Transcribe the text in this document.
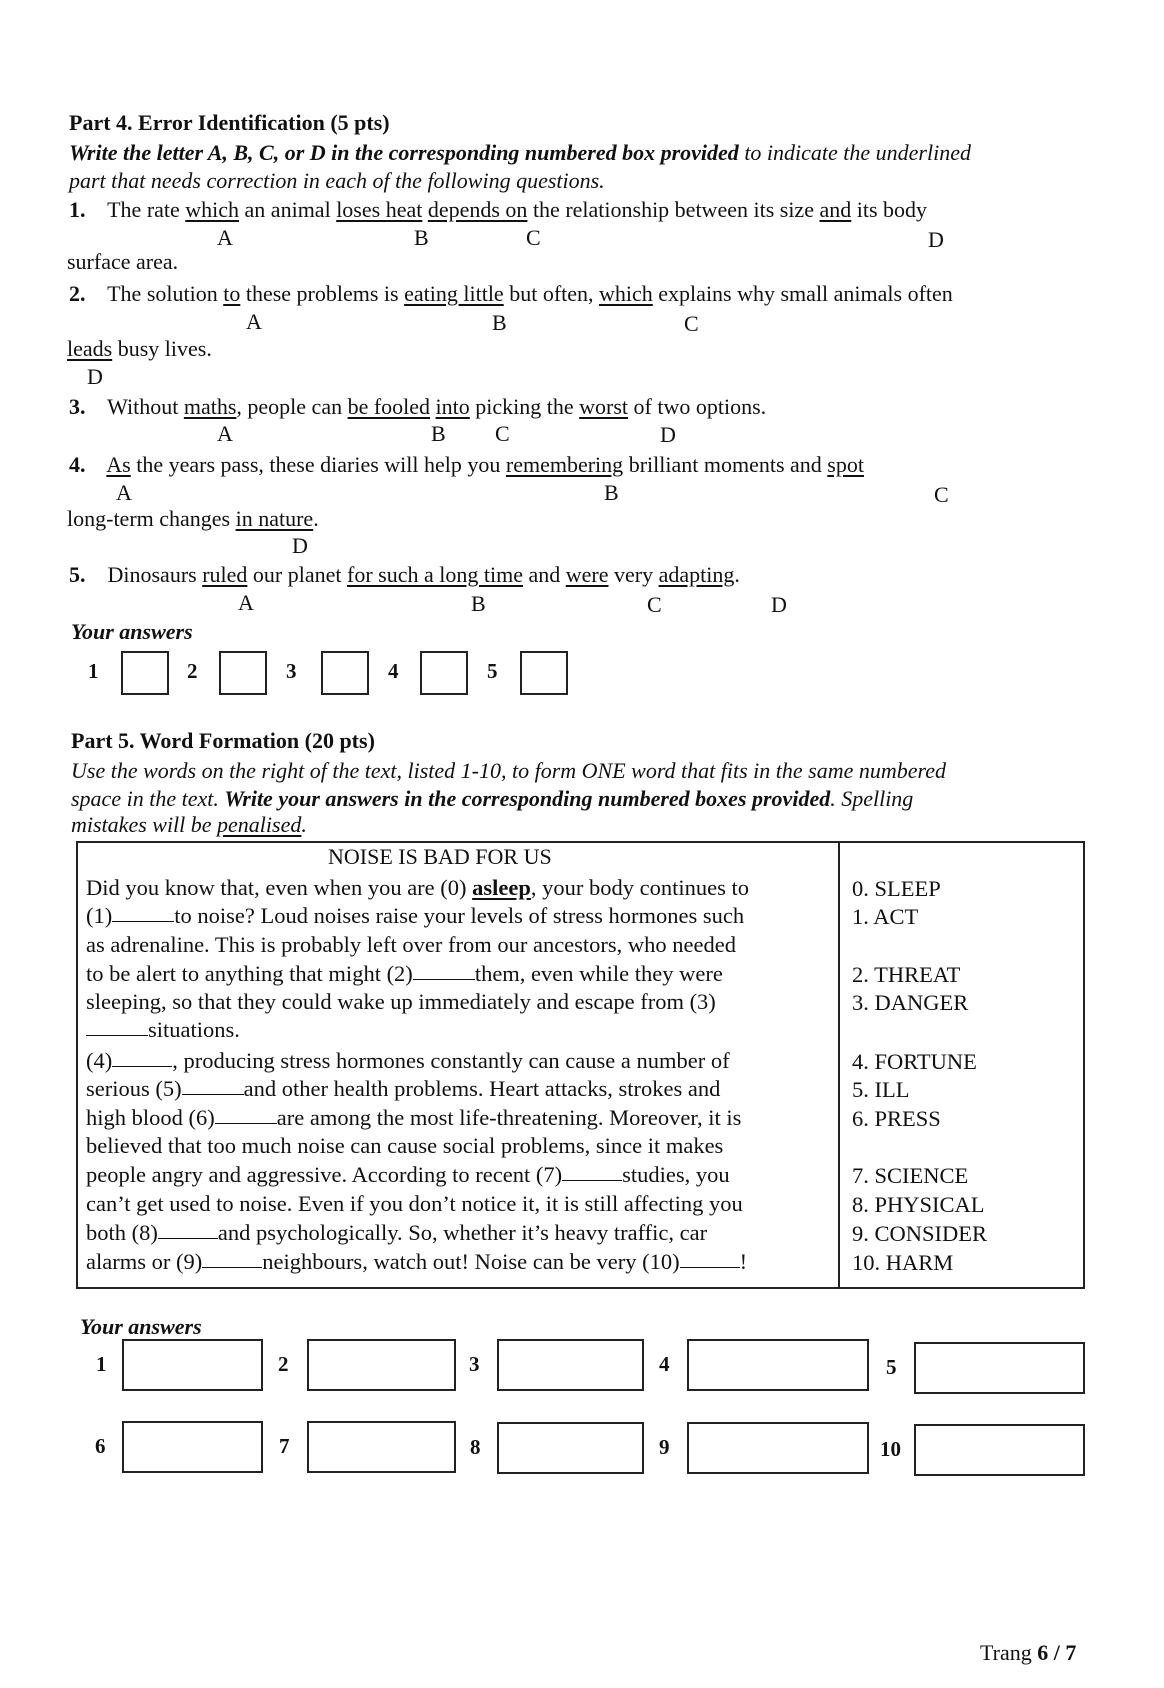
Part 4. Error Identification (5 pts)
Write the letter A, B, C, or D in the corresponding numbered box provided to indicate the underlined
part that needs correction in each of the following questions.
1. The rate which an animal loses heat depends on the relationship between its size and its body
A	B	C	D
surface area.
2. The solution to these problems is eating little but often, which explains why small animals often
A	B	C
leads busy lives.
D
3. Without maths, people can be fooled into picking the worst of two options.
A	B C	D
4. As the years pass, these diaries will help you remembering brilliant moments and spot
A	B	C
long-term changes in nature.
D
5. Dinosaurs ruled our planet for such a long time and were very adapting.
A	B	C	D
Your answers
1	2	3	4	5
Part 5. Word Formation (20 pts)
Use the words on the right of the text, listed 1-10, to form ONE word that fits in the same numbered
space in the text. Write your answers in the corresponding numbered boxes provided. Spelling
mistakes will be penalised.
NOISE IS BAD FOR US
Did you know that, even when you are (0) asleep, your body continues to
(1)	to noise? Loud noises raise your levels of stress hormones such
as adrenaline. This is probably left over from our ancestors, who needed
to be alert to anything that might (2)	them, even while they were
sleeping, so that they could wake up immediately and escape from (3)
situations.
(4)	, producing stress hormones constantly can cause a number of
serious (5)	and other health problems. Heart attacks, strokes and
high blood (6)	are among the most life-threatening. Moreover, it is
believed that too much noise can cause social problems, since it makes
people angry and aggressive. According to recent (7)	studies, you
can’t get used to noise. Even if you don’t notice it, it is still affecting you
both (8)	and psychologically. So, whether it’s heavy traffic, car
alarms or (9)	neighbours, watch out! Noise can be very (10)	!
0. SLEEP
1. ACT
2. THREAT
3. DANGER
4. FORTUNE
5. ILL
6. PRESS
7. SCIENCE
8. PHYSICAL
9. CONSIDER
10. HARM
Your answers
1	2	3	4	5
6	7	8	9	10
Trang 6 / 7
